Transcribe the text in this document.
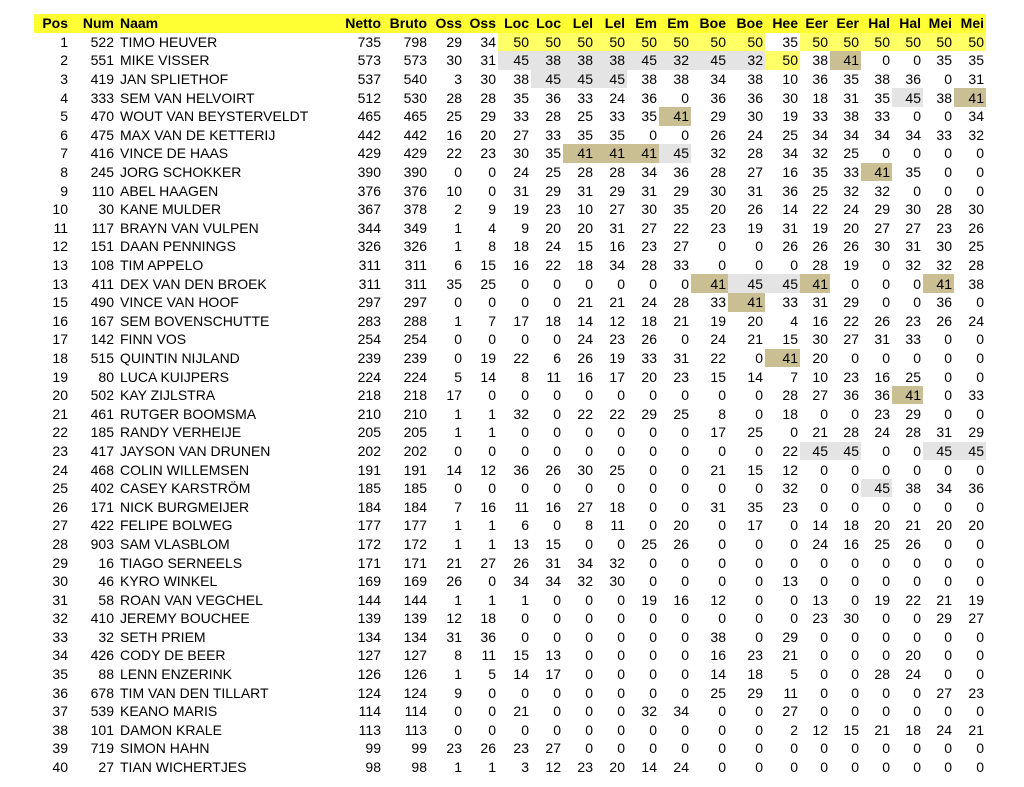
Pos	Num	Naam	Netto	Bruto	Oss	Oss	Loc	Loc	Lel	Lel	Em	Em	Boe	Boe	Hee	Eer	Eer	Hal	Hal	Mei	Mei
1	522	TIMO HEUVER	735	798	29	34	50	50	50	50	50	50	50	50	35	50	50	50	50	50	50
2	551	MIKE VISSER	573	573	30	31	45	38	38	38	45	32	45	32	50	38	41	0	0	35	35
3	419	JAN SPLIETHOF	537	540	3	30	38	45	45	45	38	38	34	38	10	36	35	38	36	0	31
4	333	SEM VAN HELVOIRT	512	530	28	28	35	36	33	24	36	0	36	36	30	18	31	35	45	38	41
5	470	WOUT VAN BEYSTERVELDT	465	465	25	29	33	28	25	33	35	41	29	30	19	33	38	33	0	0	34
6	475	MAX VAN DE KETTERIJ	442	442	16	20	27	33	35	35	0	0	26	24	25	34	34	34	34	33	32
7	416	VINCE DE HAAS	429	429	22	23	30	35	41	41	41	45	32	28	34	32	25	0	0	0	0
8	245	JORG SCHOKKER	390	390	0	0	24	25	28	28	34	36	28	27	16	35	33	41	35	0	0
9	110	ABEL HAAGEN	376	376	10	0	31	29	31	29	31	29	30	31	36	25	32	32	0	0	0
10	30	KANE MULDER	367	378	2	9	19	23	10	27	30	35	20	26	14	22	24	29	30	28	30
11	117	BRAYN VAN VULPEN	344	349	1	4	9	20	20	31	27	22	23	19	31	19	20	27	27	23	26
12	151	DAAN PENNINGS	326	326	1	8	18	24	15	16	23	27	0	0	26	26	26	30	31	30	25
13	108	TIM APPELO	311	311	6	15	16	22	18	34	28	33	0	0	0	28	19	0	32	32	28
13	411	DEX VAN DEN BROEK	311	311	35	25	0	0	0	0	0	0	41	45	45	41	0	0	0	41	38
15	490	VINCE VAN HOOF	297	297	0	0	0	0	21	21	24	28	33	41	33	31	29	0	0	36	0
16	167	SEM BOVENSCHUTTE	283	288	1	7	17	18	14	12	18	21	19	20	4	16	22	26	23	26	24
17	142	FINN VOS	254	254	0	0	0	0	24	23	26	0	24	21	15	30	27	31	33	0	0
18	515	QUINTIN NIJLAND	239	239	0	19	22	6	26	19	33	31	22	0	41	20	0	0	0	0	0
19	80	LUCA KUIJPERS	224	224	5	14	8	11	16	17	20	23	15	14	7	10	23	16	25	0	0
20	502	KAY ZIJLSTRA	218	218	17	0	0	0	0	0	0	0	0	0	28	27	36	36	41	0	33
21	461	RUTGER BOOMSMA	210	210	1	1	32	0	22	22	29	25	8	0	18	0	0	23	29	0	0
22	185	RANDY VERHEIJE	205	205	1	1	0	0	0	0	0	0	17	25	0	21	28	24	28	31	29
23	417	JAYSON VAN DRUNEN	202	202	0	0	0	0	0	0	0	0	0	0	22	45	45	0	0	45	45
24	468	COLIN WILLEMSEN	191	191	14	12	36	26	30	25	0	0	21	15	12	0	0	0	0	0	0
25	402	CASEY KARSTRÖM	185	185	0	0	0	0	0	0	0	0	0	0	32	0	0	45	38	34	36
26	171	NICK BURGMEIJER	184	184	7	16	11	16	27	18	0	0	31	35	23	0	0	0	0	0	0
27	422	FELIPE BOLWEG	177	177	1	1	6	0	8	11	0	20	0	17	0	14	18	20	21	20	20
28	903	SAM VLASBLOM	172	172	1	1	13	15	0	0	25	26	0	0	0	24	16	25	26	0	0
29	16	TIAGO SERNEELS	171	171	21	27	26	31	34	32	0	0	0	0	0	0	0	0	0	0	0
30	46	KYRO WINKEL	169	169	26	0	34	34	32	30	0	0	0	0	13	0	0	0	0	0	0
31	58	ROAN VAN VEGCHEL	144	144	1	1	1	0	0	0	19	16	12	0	0	13	0	19	22	21	19
32	410	JEREMY BOUCHEE	139	139	12	18	0	0	0	0	0	0	0	0	0	23	30	0	0	29	27
33	32	SETH PRIEM	134	134	31	36	0	0	0	0	0	0	38	0	29	0	0	0	0	0	0
34	426	CODY DE BEER	127	127	8	11	15	13	0	0	0	0	16	23	21	0	0	0	20	0	0
35	88	LENN ENZERINK	126	126	1	5	14	17	0	0	0	0	14	18	5	0	0	28	24	0	0
36	678	TIM VAN DEN TILLART	124	124	9	0	0	0	0	0	0	0	25	29	11	0	0	0	0	27	23
37	539	KEANO MARIS	114	114	0	0	21	0	0	0	32	34	0	0	27	0	0	0	0	0	0
38	101	DAMON KRALE	113	113	0	0	0	0	0	0	0	0	0	0	2	12	15	21	18	24	21
39	719	SIMON HAHN	99	99	23	26	23	27	0	0	0	0	0	0	0	0	0	0	0	0	0
40	27	TIAN WICHERTJES	98	98	1	1	3	12	23	20	14	24	0	0	0	0	0	0	0	0	0
